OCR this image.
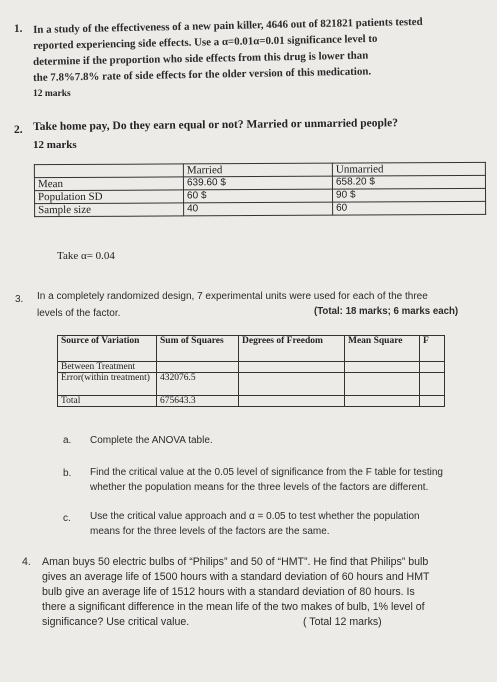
1. In a study of the effectiveness of a new pain killer, 4646 out of 821821 patients tested
reported experiencing side effects. Use a α=0.01α=0.01 significance level to
determine if the proportion who side effects from this drug is lower than
the 7.8%7.8% rate of side effects for the older version of this medication.
12 marks
2. Take home pay, Do they earn equal or not? Married or unmarried people?
12 marks
	Married	Unmarried
Mean	639.60 $	658.20 $
Population SD	60 $	90 $
Sample size	40	60
Take α= 0.04
3. In a completely randomized design, 7 experimental units were used for each of the three
levels of the factor.	(Total: 18 marks; 6 marks each)
Source of Variation	Sum of Squares	Degrees of Freedom	Mean Square	F
Between Treatment				
Error(within treatment)	432076.5			
Total	675643.3			
a. Complete the ANOVA table.
b. Find the critical value at the 0.05 level of significance from the F table for testing
whether the population means for the three levels of the factors are different.
c. Use the critical value approach and α = 0.05 to test whether the population
means for the three levels of the factors are the same.
4. Aman buys 50 electric bulbs of “Philips” and 50 of “HMT”. He find that Philips” bulb
gives an average life of 1500 hours with a standard deviation of 60 hours and HMT
bulb give an average life of 1512 hours with a standard deviation of 80 hours. Is
there a significant difference in the mean life of the two makes of bulb, 1% level of
significance? Use critical value.	( Total 12 marks)
